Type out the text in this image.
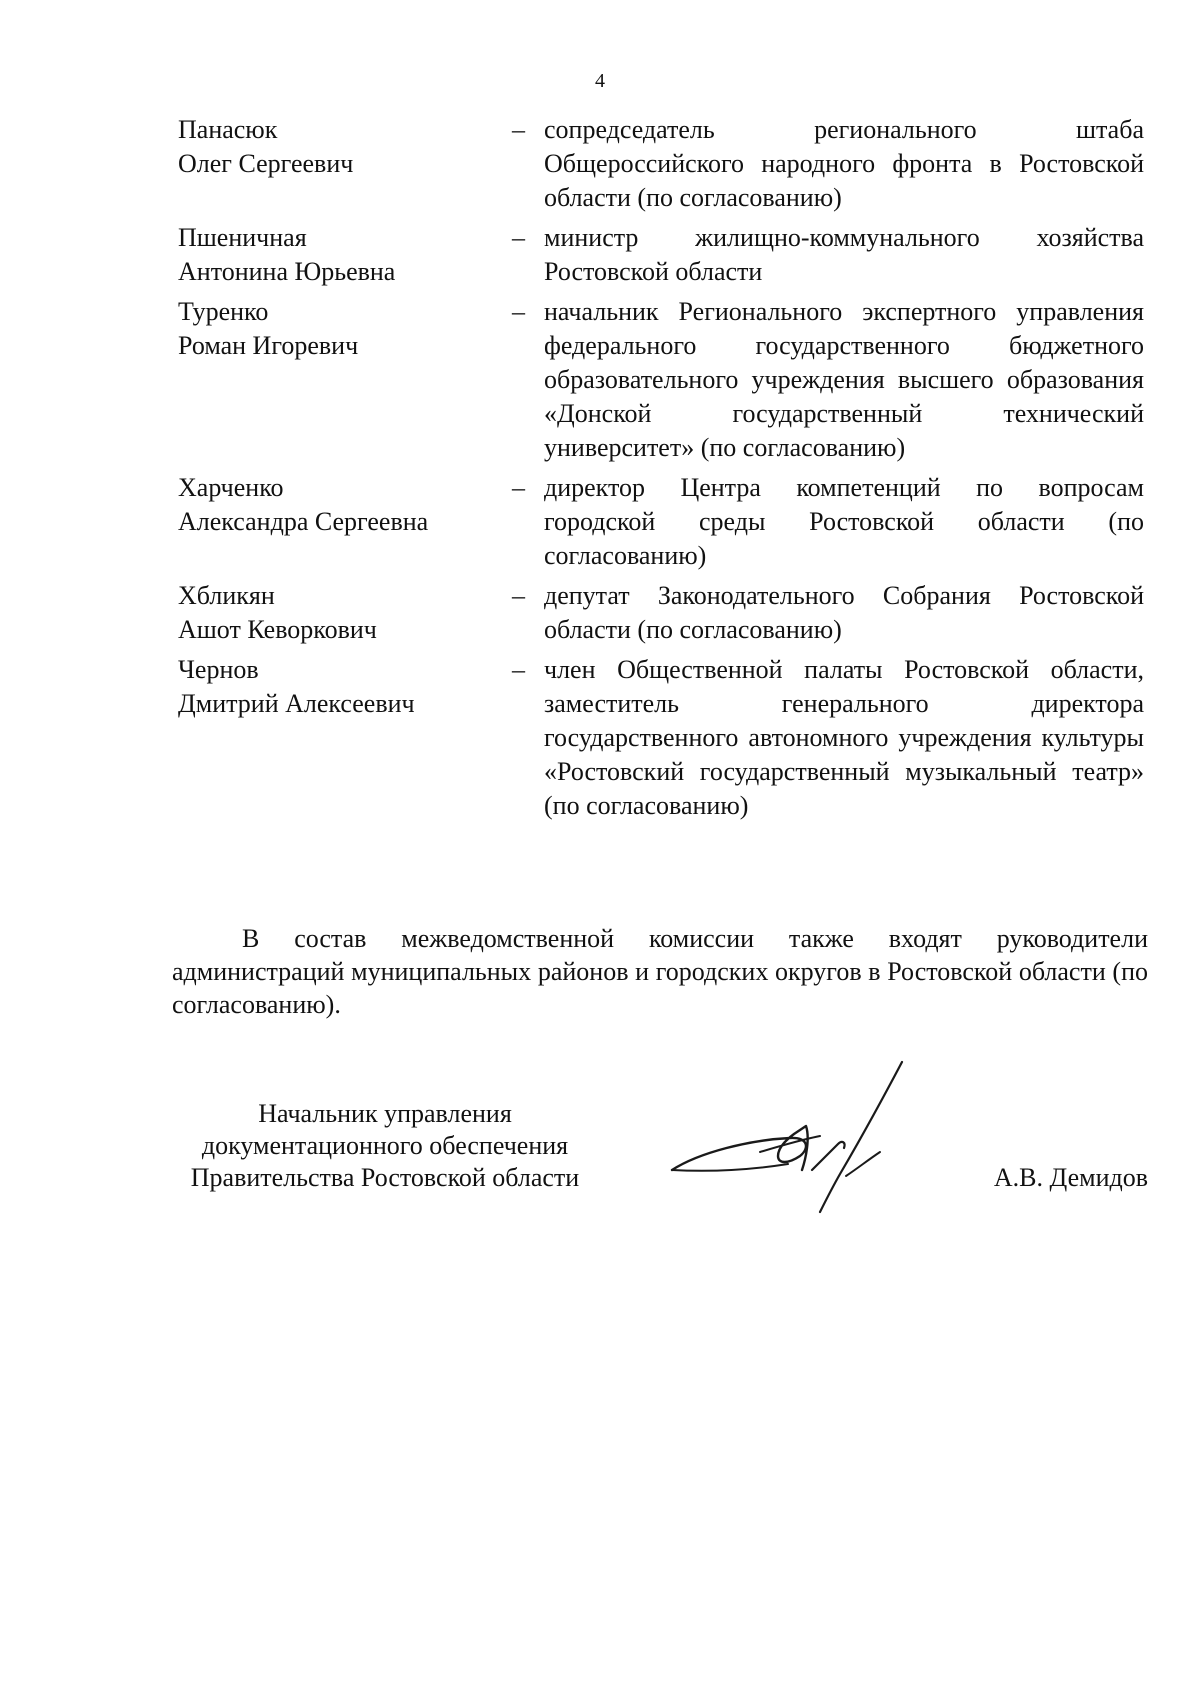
4
Панасюк
Олег Сергеевич
– сопредседатель регионального штаба Общероссийского народного фронта в Ростовской области (по согласованию)
Пшеничная
Антонина Юрьевна
– министр жилищно-коммунального хозяйства Ростовской области
Туренко
Роман Игоревич
– начальник Регионального экспертного управления федерального государственного бюджетного образовательного учреждения высшего образования «Донской государственный технический университет» (по согласованию)
Харченко
Александра Сергеевна
– директор Центра компетенций по вопросам городской среды Ростовской области (по согласованию)
Хбликян
Ашот Кеворкович
– депутат Законодательного Собрания Ростовской области (по согласованию)
Чернов
Дмитрий Алексеевич
– член Общественной палаты Ростовской области, заместитель генерального директора государственного автономного учреждения культуры «Ростовский государственный музыкальный театр» (по согласованию)

В состав межведомственной комиссии также входят руководители администраций муниципальных районов и городских округов в Ростовской области (по согласованию).

Начальник управления
документационного обеспечения
Правительства Ростовской области	А.В. Демидов
